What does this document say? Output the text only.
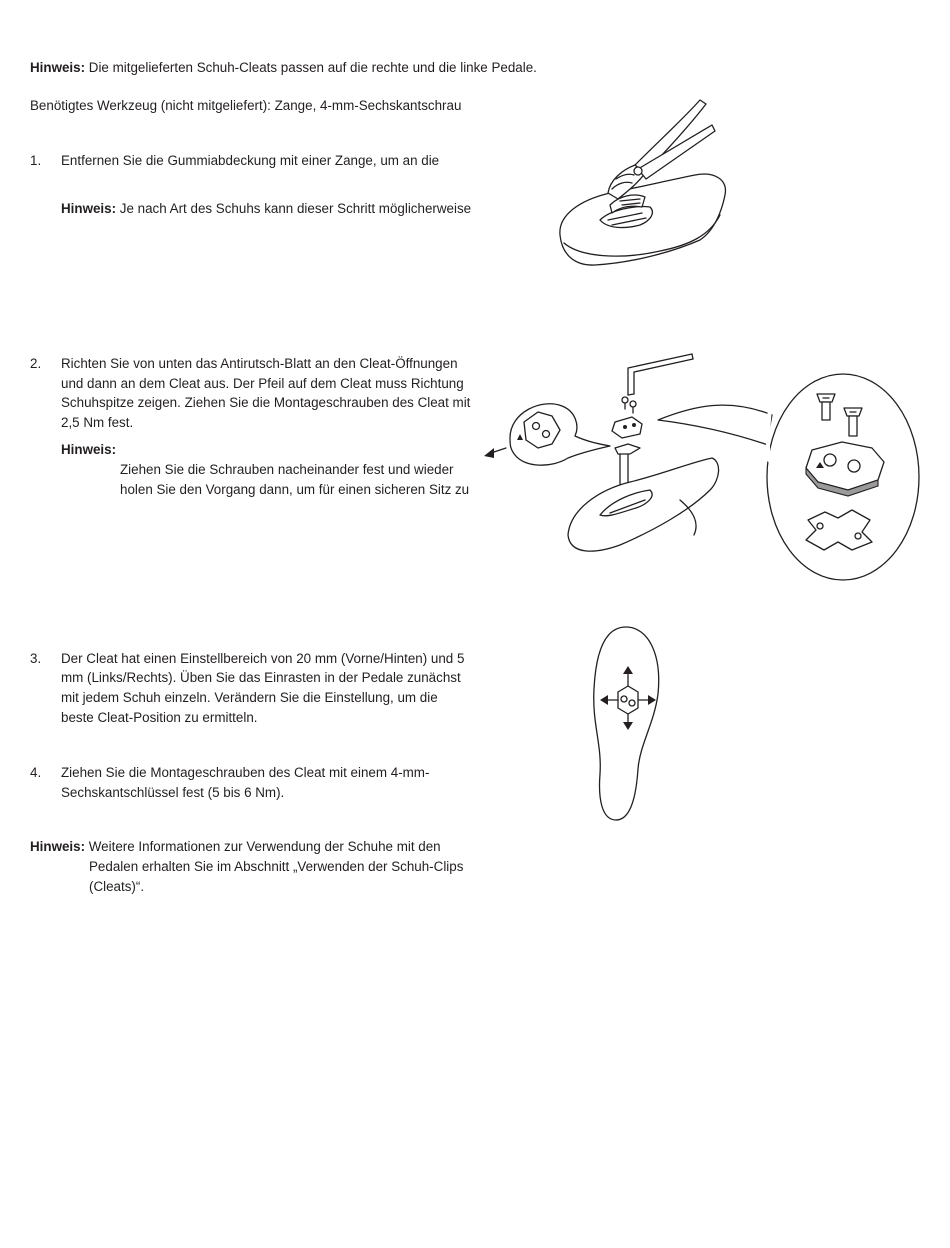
Hinweis: Die mitgelieferten Schuh-Cleats passen auf die rechte und die linke Pedale.
Benötigtes Werkzeug (nicht mitgeliefert): Zange, 4-mm-Sechskantschrau
1. Entfernen Sie die Gummiabdeckung mit einer Zange, um an die
Hinweis: Je nach Art des Schuhs kann dieser Schritt möglicherweise
2. Richten Sie von unten das Antirutsch-Blatt an den Cleat-Öffnungen
und dann an dem Cleat aus. Der Pfeil auf dem Cleat muss Richtung
Schuhspitze zeigen. Ziehen Sie die Montageschrauben des Cleat mit
2,5 Nm fest.
Hinweis:
Ziehen Sie die Schrauben nacheinander fest und wieder
holen Sie den Vorgang dann, um für einen sicheren Sitz zu
3. Der Cleat hat einen Einstellbereich von 20 mm (Vorne/Hinten) und 5
mm (Links/Rechts). Üben Sie das Einrasten in der Pedale zunächst
mit jedem Schuh einzeln. Verändern Sie die Einstellung, um die
beste Cleat-Position zu ermitteln.
4. Ziehen Sie die Montageschrauben des Cleat mit einem 4-mm-
Sechskantschlüssel fest (5 bis 6 Nm).
Hinweis: Weitere Informationen zur Verwendung der Schuhe mit den
Pedalen erhalten Sie im Abschnitt „Verwenden der Schuh-Clips
(Cleats)“.
